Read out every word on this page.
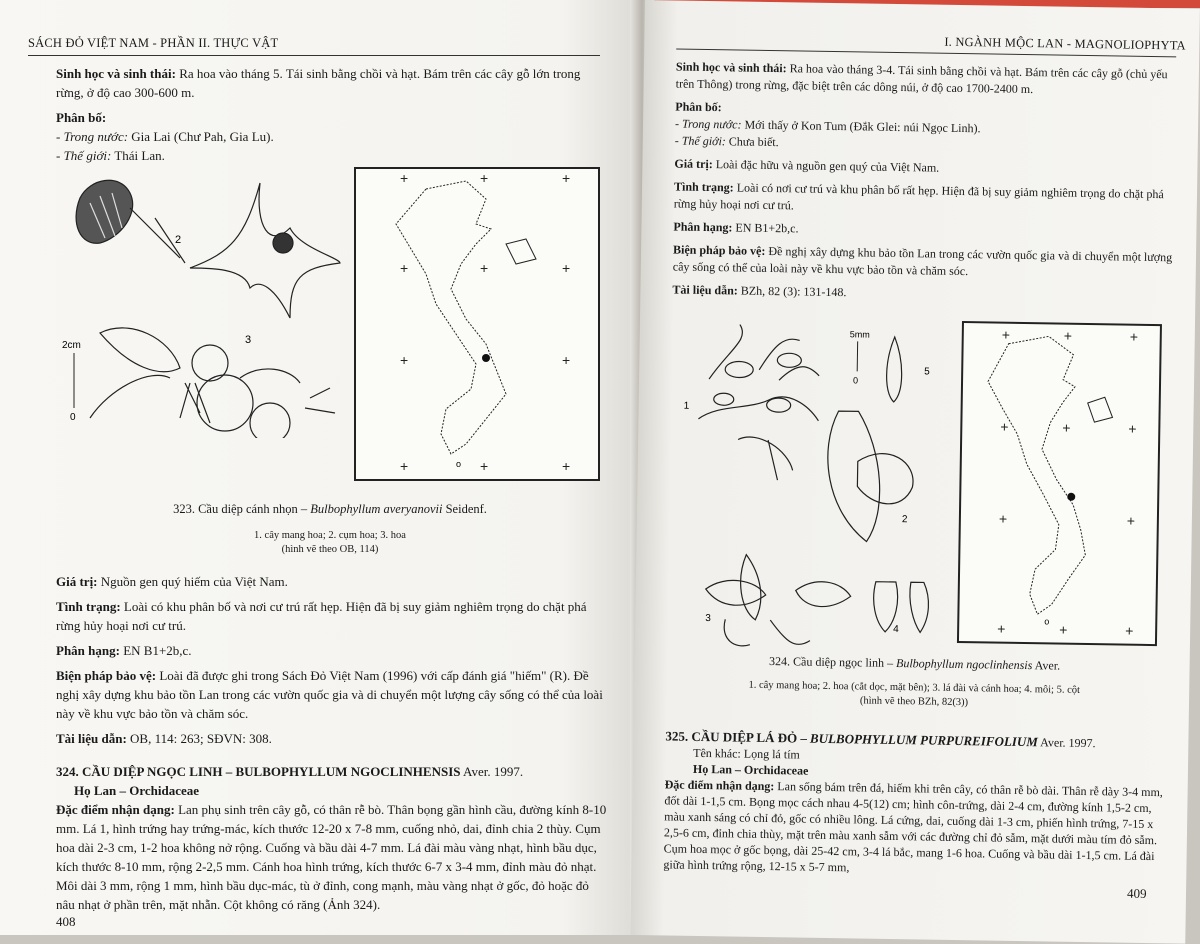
SÁCH ĐỎ VIỆT NAM - PHẦN II. THỰC VẬT

Sinh học và sinh thái: Ra hoa vào tháng 5. Tái sinh bằng chồi và hạt. Bám trên các cây gỗ lớn trong rừng, ở độ cao 300-600 m.

Phân bố:

- Trong nước: Gia Lai (Chư Pah, Gia Lu).
- Thế giới: Thái Lan.
2
3
2cm
0
+	+	+
+	+	+
+	+
+	+	+
o
323. Cầu diệp cánh nhọn – Bulbophyllum averyanovii Seidenf.
1. cây mang hoa; 2. cụm hoa; 3. hoa
(hình vẽ theo OB, 114)

Giá trị: Nguồn gen quý hiếm của Việt Nam.

Tình trạng: Loài có khu phân bố và nơi cư trú rất hẹp. Hiện đã bị suy giảm nghiêm trọng do chặt phá rừng hủy hoại nơi cư trú.

Phân hạng: EN B1+2b,c.

Biện pháp bảo vệ: Loài đã được ghi trong Sách Đỏ Việt Nam (1996) với cấp đánh giá "hiếm" (R). Đề nghị xây dựng khu bảo tồn Lan trong các vườn quốc gia và di chuyển một lượng cây sống có thể của loài này về khu vực bảo tồn và chăm sóc.

Tài liệu dẫn: OB, 114: 263; SĐVN: 308.

324. CẦU DIỆP NGỌC LINH – BULBOPHYLLUM NGOCLINHENSIS Aver. 1997.
Họ Lan – Orchidaceae

Đặc điểm nhận dạng: Lan phụ sinh trên cây gỗ, có thân rễ bò. Thân bọng gần hình cầu, đường kính 8-10 mm. Lá 1, hình trứng hay trứng-mác, kích thước 12-20 x 7-8 mm, cuống nhỏ, dai, đỉnh chia 2 thùy. Cụm hoa dài 2-3 cm, 1-2 hoa không nở rộng. Cuống và bầu dài 4-7 mm. Lá đài màu vàng nhạt, hình bầu dục, kích thước 8-10 mm, rộng 2-2,5 mm. Cánh hoa hình trứng, kích thước 6-7 x 3-4 mm, đỉnh màu đỏ nhạt. Môi dài 3 mm, rộng 1 mm, hình bầu dục-mác, tù ở đỉnh, cong mạnh, màu vàng nhạt ở gốc, đỏ hoặc đỏ nâu nhạt ở phần trên, mặt nhẵn. Cột không có răng (Ảnh 324).

408
I. NGÀNH MỘC LAN - MAGNOLIOPHYTA

Sinh học và sinh thái: Ra hoa vào tháng 3-4. Tái sinh bằng chồi và hạt. Bám trên các cây gỗ (chủ yếu trên Thông) trong rừng, đặc biệt trên các dông núi, ở độ cao 1700-2400 m.

Phân bố:

- Trong nước: Mới thấy ở Kon Tum (Đắk Glei: núi Ngọc Linh).

- Thế giới: Chưa biết.

Giá trị: Loài đặc hữu và nguồn gen quý của Việt Nam.

Tình trạng: Loài có nơi cư trú và khu phân bố rất hẹp. Hiện đã bị suy giảm nghiêm trọng do chặt phá rừng hủy hoại nơi cư trú.

Phân hạng: EN B1+2b,c.

Biện pháp bảo vệ: Đề nghị xây dựng khu bảo tồn Lan trong các vườn quốc gia và di chuyển một lượng cây sống có thể của loài này về khu vực bảo tồn và chăm sóc.

Tài liệu dẫn: BZh, 82 (3): 131-148.

1
2
3
4
5
5mm
0
+	+	+
+	+	+
+	+
+	+	+
o
324. Cầu diệp ngọc linh – Bulbophyllum ngoclinhensis Aver.
1. cây mang hoa; 2. hoa (cắt dọc, mặt bên); 3. lá đài và cánh hoa; 4. môi; 5. cột
(hình vẽ theo BZh, 82(3))
325. CẦU DIỆP LÁ ĐỎ – BULBOPHYLLUM PURPUREIFOLIUM Aver. 1997.
Tên khác: Lọng lá tím
Họ Lan – Orchidaceae

Đặc điểm nhận dạng: Lan sống bám trên đá, hiếm khi trên cây, có thân rễ bò dài. Thân rễ dày 3-4 mm, đốt dài 1-1,5 cm. Bọng mọc cách nhau 4-5(12) cm; hình côn-trứng, dài 2-4 cm, đường kính 1,5-2 cm, màu xanh sáng có chỉ đỏ, gốc có nhiều lông. Lá cứng, dai, cuống dài 1-3 cm, phiến hình trứng, 7-15 x 2,5-6 cm, đỉnh chia thùy, mặt trên màu xanh sẫm với các đường chỉ đỏ sẫm, mặt dưới màu tím đỏ sẫm. Cụm hoa mọc ở gốc bọng, dài 25-42 cm, 3-4 lá bắc, mang 1-6 hoa. Cuống và bầu dài 1-1,5 cm. Lá đài giữa hình trứng rộng, 12-15 x 5-7 mm,

409
